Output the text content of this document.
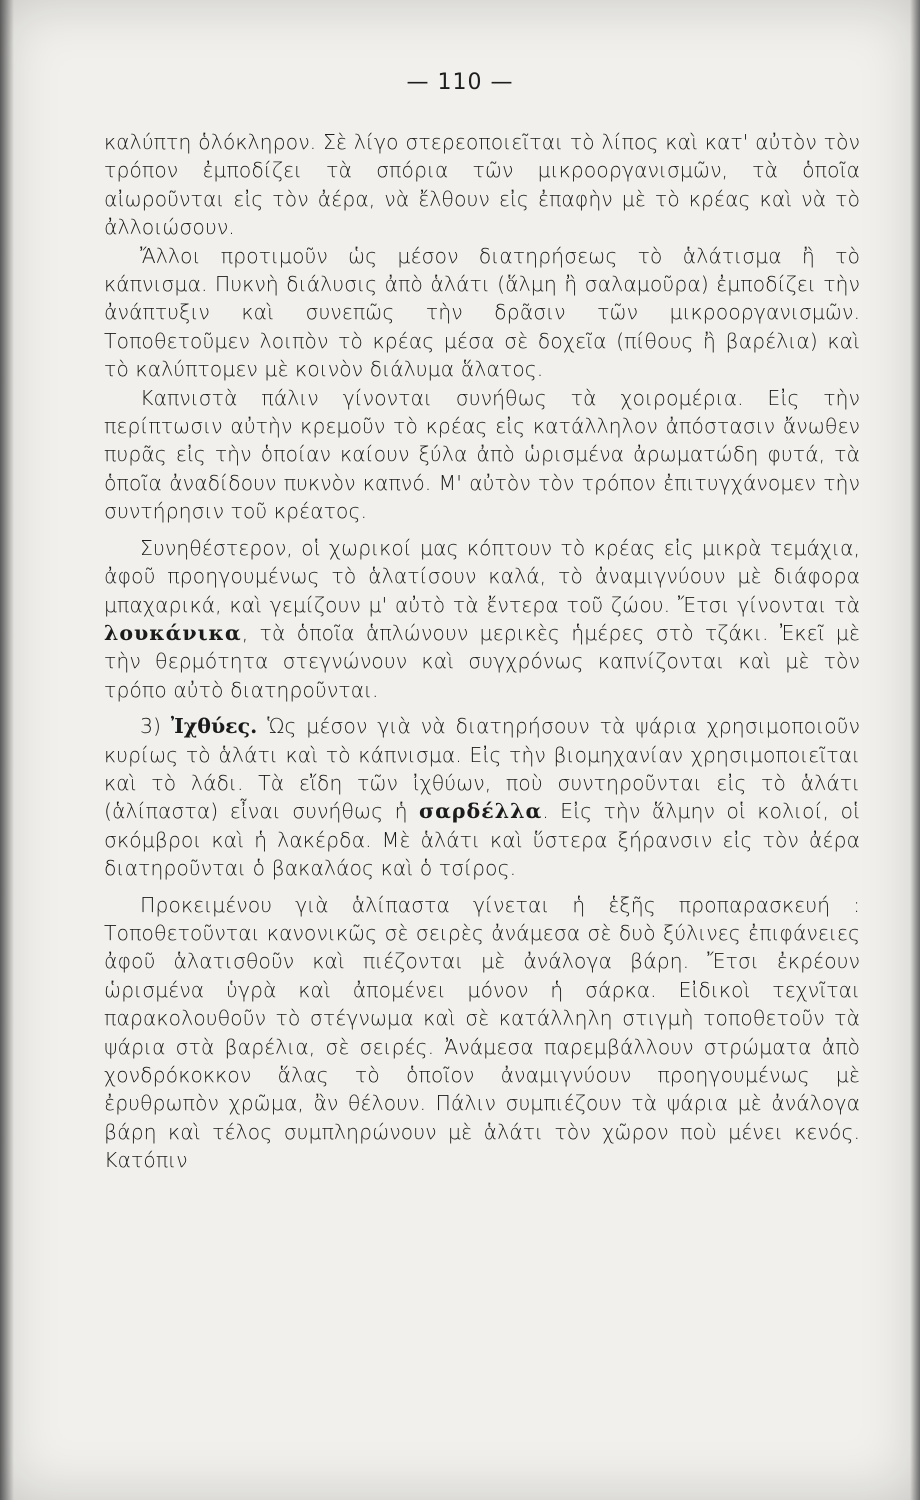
— 110 —

καλύπτη ὁλόκληρον. Σὲ λίγο στερεοποιεῖται τὸ λίπος καὶ κατ' αὐτὸν τὸν τρόπον ἐμποδίζει τὰ σπόρια τῶν μικροοργανισμῶν, τὰ ὁποῖα αἰωροῦνται εἰς τὸν ἀέρα, νὰ ἔλθουν εἰς ἐπαφὴν μὲ τὸ κρέας καὶ νὰ τὸ ἀλλοιώσουν.

Ἄλλοι προτιμοῦν ὡς μέσον διατηρήσεως τὸ ἁλάτισμα ἢ τὸ κάπνισμα. Πυκνὴ διάλυσις ἀπὸ ἁλάτι (ἅλμη ἢ σαλαμοῦρα) ἐμποδίζει τὴν ἀνάπτυξιν καὶ συνεπῶς τὴν δρᾶσιν τῶν μικροοργανισμῶν. Τοποθετοῦμεν λοιπὸν τὸ κρέας μέσα σὲ δοχεῖα (πίθους ἢ βαρέλια) καὶ τὸ καλύπτομεν μὲ κοινὸν διάλυμα ἅλατος.

Καπνιστὰ πάλιν γίνονται συνήθως τὰ χοιρομέρια. Εἰς τὴν περίπτωσιν αὐτὴν κρεμοῦν τὸ κρέας εἰς κατάλληλον ἀπόστασιν ἄνωθεν πυρᾶς εἰς τὴν ὁποίαν καίουν ξύλα ἀπὸ ὡρισμένα ἀρωματώδη φυτά, τὰ ὁποῖα ἀναδίδουν πυκνὸν καπνό. Μ' αὐτὸν τὸν τρόπον ἐπιτυγχάνομεν τὴν συντήρησιν τοῦ κρέατος.

Συνηθέστερον, οἱ χωρικοί μας κόπτουν τὸ κρέας εἰς μικρὰ τεμάχια, ἀφοῦ προηγουμένως τὸ ἁλατίσουν καλά, τὸ ἀναμιγνύουν μὲ διάφορα μπαχαρικά, καὶ γεμίζουν μ' αὐτὸ τὰ ἔντερα τοῦ ζώου. Ἔτσι γίνονται τὰ λουκάνικα, τὰ ὁποῖα ἁπλώνουν μερικὲς ἡμέρες στὸ τζάκι. Ἐκεῖ μὲ τὴν θερμότητα στεγνώνουν καὶ συγχρόνως καπνίζονται καὶ μὲ τὸν τρόπο αὐτὸ διατηροῦνται.

3) Ἰχθύες. Ὡς μέσον γιὰ νὰ διατηρήσουν τὰ ψάρια χρησιμοποιοῦν κυρίως τὸ ἁλάτι καὶ τὸ κάπνισμα. Εἰς τὴν βιομηχανίαν χρησιμοποιεῖται καὶ τὸ λάδι. Τὰ εἴδη τῶν ἰχθύων, ποὺ συντηροῦνται εἰς τὸ ἁλάτι (ἁλίπαστα) εἶναι συνήθως ἡ σαρδέλλα. Εἰς τὴν ἅλμην οἱ κολιοί, οἱ σκόμβροι καὶ ἡ λακέρδα. Μὲ ἁλάτι καὶ ὕστερα ξήρανσιν εἰς τὸν ἀέρα διατηροῦνται ὁ βακαλάος καὶ ὁ τσίρος.

Προκειμένου γιὰ ἁλίπαστα γίνεται ἡ ἑξῆς προπαρασκευή : Τοποθετοῦνται κανονικῶς σὲ σειρὲς ἀνάμεσα σὲ δυὸ ξύλινες ἐπιφάνειες ἀφοῦ ἁλατισθοῦν καὶ πιέζονται μὲ ἀνάλογα βάρη. Ἔτσι ἐκρέουν ὡρισμένα ὑγρὰ καὶ ἀπομένει μόνον ἡ σάρκα. Εἰδικοὶ τεχνῖται παρακολουθοῦν τὸ στέγνωμα καὶ σὲ κατάλληλη στιγμὴ τοποθετοῦν τὰ ψάρια στὰ βαρέλια, σὲ σειρές. Ἀνάμεσα παρεμβάλλουν στρώματα ἀπὸ χονδρόκοκκον ἅλας τὸ ὁποῖον ἀναμιγνύουν προηγουμένως μὲ ἐρυθρωπὸν χρῶμα, ἂν θέλουν. Πάλιν συμπιέζουν τὰ ψάρια μὲ ἀνάλογα βάρη καὶ τέλος συμπληρώνουν μὲ ἁλάτι τὸν χῶρον ποὺ μένει κενός. Κατόπιν
